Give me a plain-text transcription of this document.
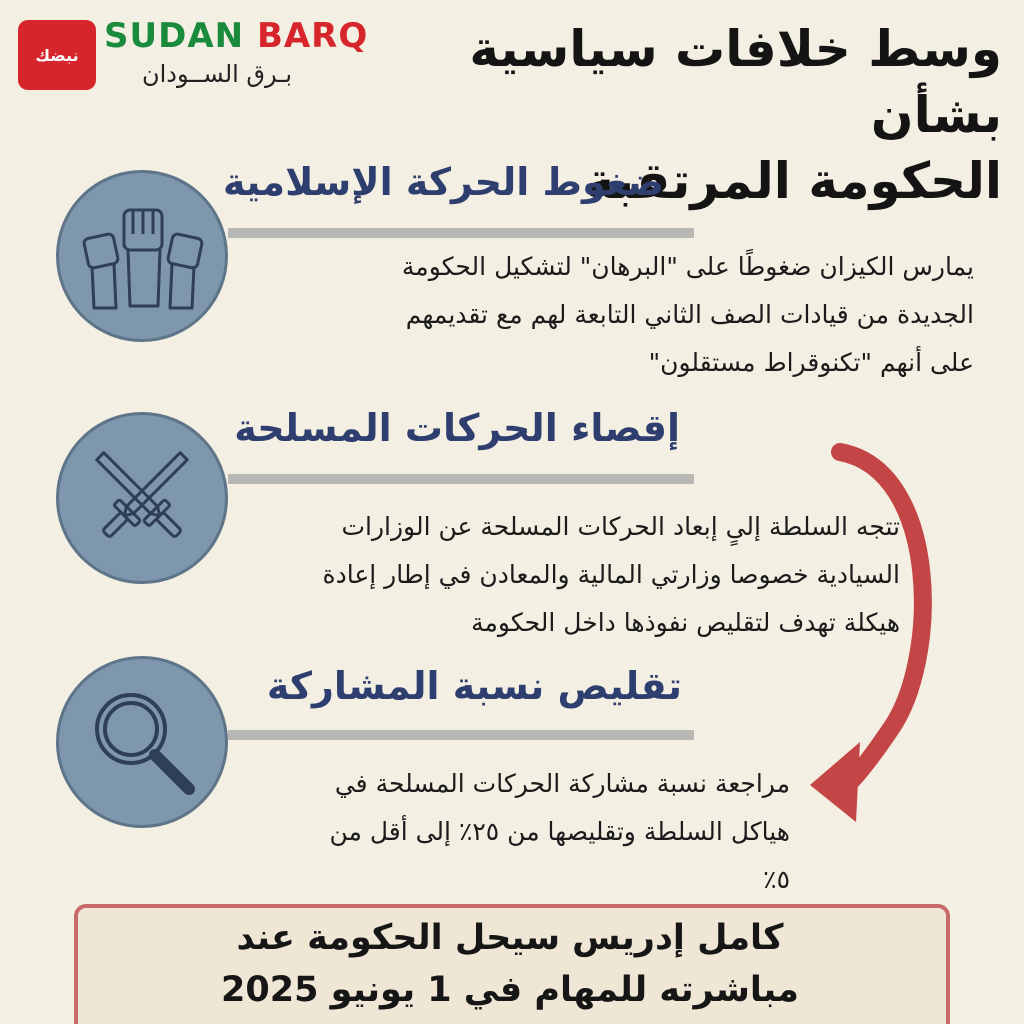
نبضك SUDAN BARQ
بـرق الســودان	وسط خلافات سياسية بشأن
الحكومة المرتقبة
ضغوط الحركة الإسلامية
يمارس الكيزان ضغوطًا على "البرهان" لتشكيل الحكومة
الجديدة من قيادات الصف الثاني التابعة لهم مع تقديمهم
على أنهم "تكنوقراط مستقلون"
إقصاء الحركات المسلحة
تتجه السلطة إلىٍ إبعاد الحركات المسلحة عن الوزارات
السيادية خصوصا وزارتي المالية والمعادن في إطار إعادة
هيكلة تهدف لتقليص نفوذها داخل الحكومة
تقليص نسبة المشاركة
مراجعة نسبة مشاركة الحركات المسلحة في
هياكل السلطة وتقليصها من ٢٥٪ إلى أقل من
٥٪
كامل إدريس سيحل الحكومة عند
مباشرته للمهام في 1 يونيو 2025
